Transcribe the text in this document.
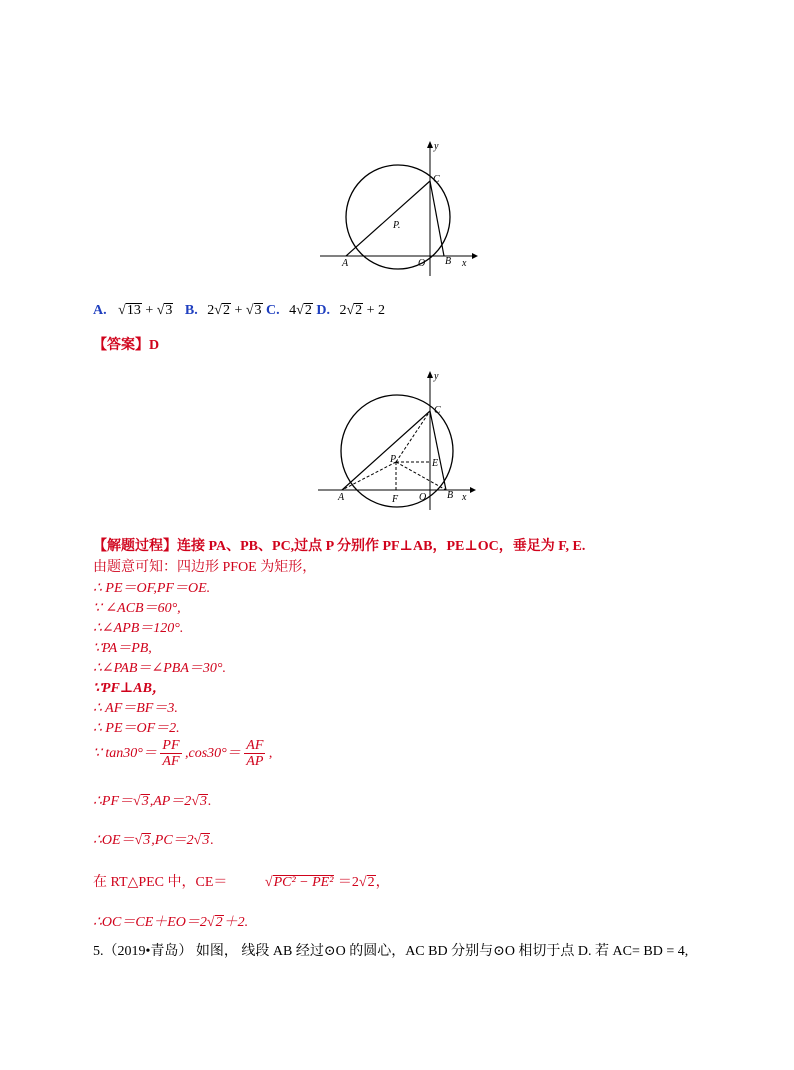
y
C
P.
A	O B x
A. √13 + √3 B. 2√2 + √3 C. 4√2 D. 2√2 + 2
【答案】D
y
C
P	E
A	F O B x
【解题过程】连接 PA、PB、PC,过点 P 分别作 PF⊥AB，PE⊥OC，垂足为 F, E.
由题意可知：四边形 PFOE 为矩形，
∴ PE＝OF,PF＝OE.
∵ ∠ACB＝60°,
∴∠APB＝120°.
∵PA＝PB,
∴∠PAB＝∠PBA＝30°.
∵PF⊥AB，
∴ AF＝BF＝3.
∴ PE＝OF＝2.
∵ $\tan 30^\circ= \frac{PF}{AF} ,\cos 30^\circ= \frac{AF}{AP}$ ,
∴PF＝√3,AP＝2√3.
∴OE＝√3,PC＝2√3.
在 RT△PEC 中，CE＝	√PC² − PE² ＝2√2，
∴OC＝CE＋EO＝2√2＋2.
5.（2019•青岛） 如图， 线段 AB 经过⊙O 的圆心，AC BD 分别与⊙O 相切于点 D. 若 AC= BD = 4,
